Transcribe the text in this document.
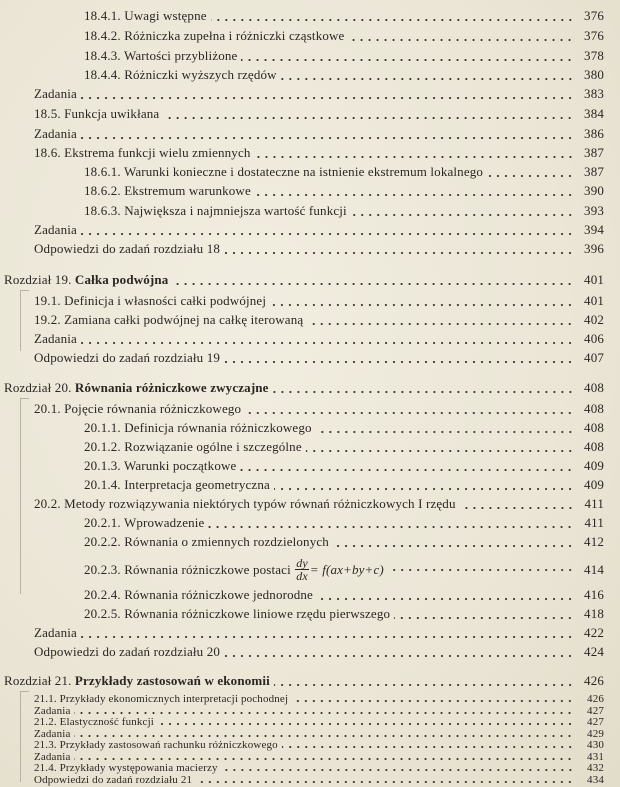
18.4.1. Uwagi wstępne	376
18.4.2. Różniczka zupełna i różniczki cząstkowe	376
18.4.3. Wartości przybliżone	378
18.4.4. Różniczki wyższych rzędów	380
Zadania	383
18.5. Funkcja uwikłana	384
Zadania	386
18.6. Ekstrema funkcji wielu zmiennych	387
18.6.1. Warunki konieczne i dostateczne na istnienie ekstremum lokalnego	387
18.6.2. Ekstremum warunkowe	390
18.6.3. Największa i najmniejsza wartość funkcji	393
Zadania	394
Odpowiedzi do zadań rozdziału 18	396
Rozdział 19. Całka podwójna	401
19.1. Definicja i własności całki podwójnej	401
19.2. Zamiana całki podwójnej na całkę iterowaną	402
Zadania	406
Odpowiedzi do zadań rozdziału 19	407
Rozdział 20. Równania różniczkowe zwyczajne	408
20.1. Pojęcie równania różniczkowego	408
20.1.1. Definicja równania różniczkowego	408
20.1.2. Rozwiązanie ogólne i szczególne	408
20.1.3. Warunki początkowe	409
20.1.4. Interpretacja geometryczna	409
20.2. Metody rozwiązywania niektórych typów równań różniczkowych I rzędu	411
20.2.1. Wprowadzenie	411
20.2.2. Równania o zmiennych rozdzielonych	412
20.2.3. Równania różniczkowe postaci $\frac{dy}{dx} = f(ax+by+c)$	414
20.2.4. Równania różniczkowe jednorodne	416
20.2.5. Równania różniczkowe liniowe rzędu pierwszego	418
Zadania	422
Odpowiedzi do zadań rozdziału 20	424
Rozdział 21. Przykłady zastosowań w ekonomii	426
21.1. Przykłady ekonomicznych interpretacji pochodnej	426
Zadania	427
21.2. Elastyczność funkcji	427
Zadania	429
21.3. Przykłady zastosowań rachunku różniczkowego	430
Zadania	431
21.4. Przykłady występowania macierzy	432
Odpowiedzi do zadań rozdziału 21	434
